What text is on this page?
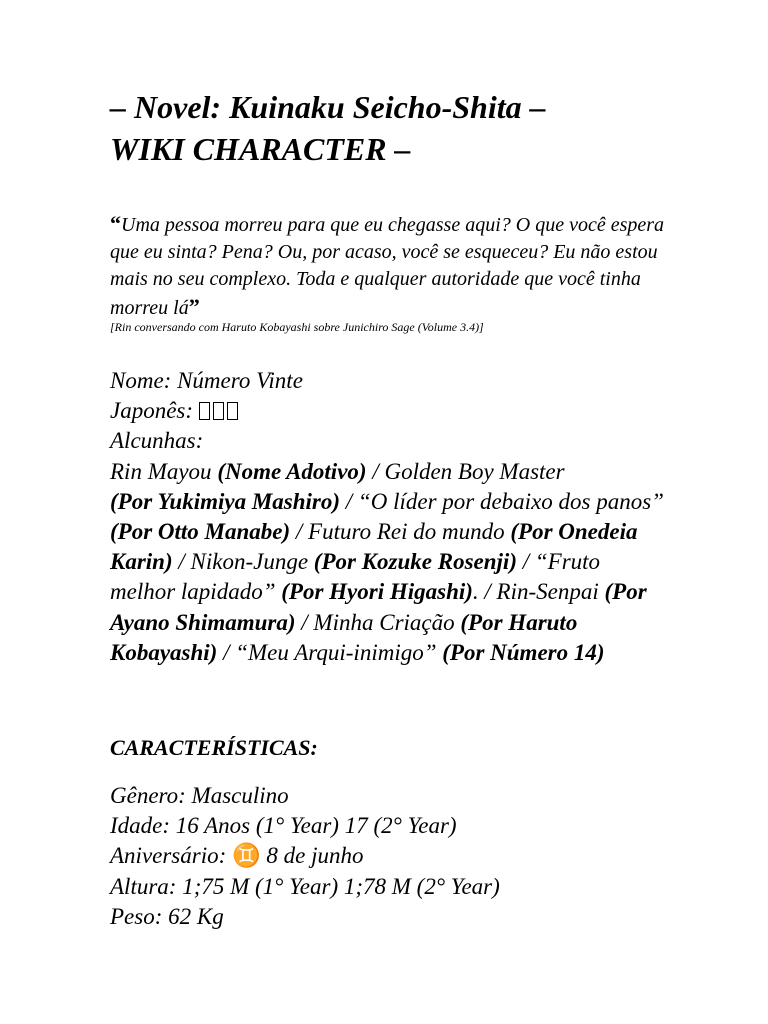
– Novel: Kuinaku Seicho-Shita –
WIKI CHARACTER –
“Uma pessoa morreu para que eu chegasse aqui? O que você espera que eu sinta? Pena? Ou, por acaso, você se esqueceu? Eu não estou mais no seu complexo. Toda e qualquer autoridade que você tinha morreu lá”
[Rin conversando com Haruto Kobayashi sobre Junichiro Sage (Volume 3.4)]
Nome: Número Vinte
Japonês:
Alcunhas:
Rin Mayou (Nome Adotivo) / Golden Boy Master
(Por Yukimiya Mashiro) / “O líder por debaixo dos panos” (Por Otto Manabe) / Futuro Rei do mundo (Por Onedeia Karin) / Nikon-Junge (Por Kozuke Rosenji) / “Fruto melhor lapidado” (Por Hyori Higashi). / Rin-Senpai (Por Ayano Shimamura) / Minha Criação (Por Haruto Kobayashi) / “Meu Arqui-inimigo” (Por Número 14)
CARACTERÍSTICAS:
Gênero: Masculino
Idade: 16 Anos (1° Year) 17 (2° Year)
Aniversário: ♊ 8 de junho
Altura: 1;75 M (1° Year) 1;78 M (2° Year)
Peso: 62 Kg
